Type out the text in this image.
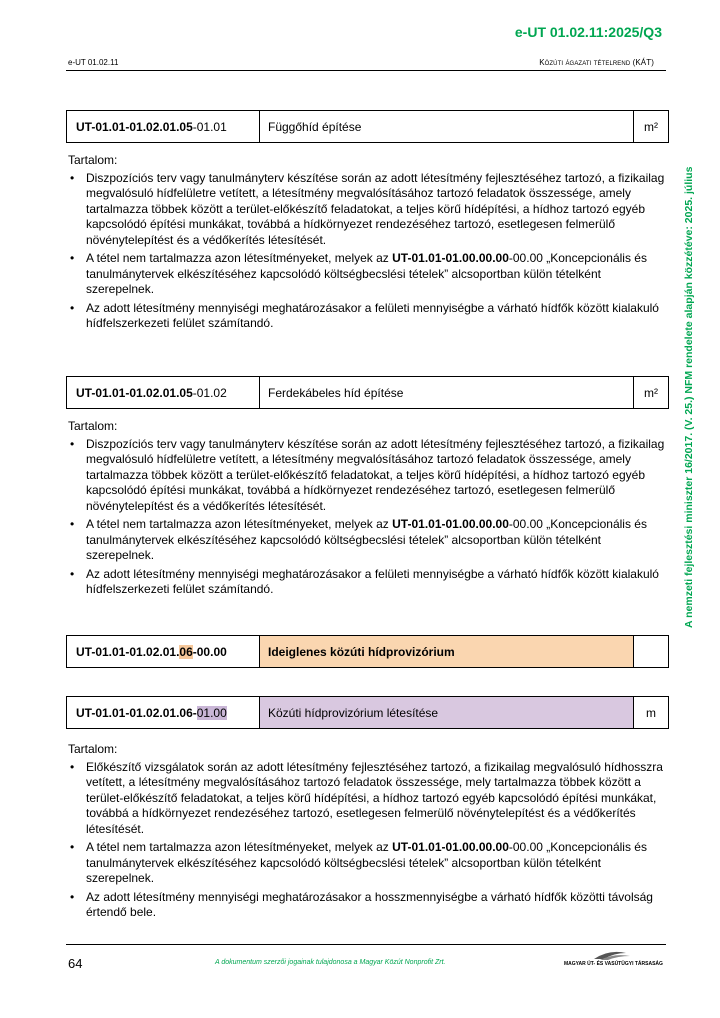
e-UT 01.02.11:2025/Q3
e-UT 01.02.11	Közúti ágazati tételrend (KÁT)
A nemzeti fejlesztési miniszter 16/2017. (V. 25.) NFM rendelete alapján közzétéve: 2025. július
UT-01.01-01.02.01.05 -01.01	Függőhíd építése	m²
Tartalom:
• Diszpozíciós terv vagy tanulmányterv készítése során az adott létesítmény fejlesztéséhez tartozó, a fizikailag megvalósuló hídfelületre vetített, a létesítmény megvalósításához tartozó feladatok összessége, amely tartalmazza többek között a terület-előkészítő feladatokat, a teljes körű hídépítési, a hídhoz tartozó egyéb kapcsolódó építési munkákat, továbbá a hídkörnyezet rendezéséhez tartozó, esetlegesen felmerülő növénytelepítést és a védőkerítés létesítését.
• A tétel nem tartalmazza azon létesítményeket, melyek az UT-01.01-01.00.00.00-00.00 „Koncepcionális és tanulmánytervek elkészítéséhez kapcsolódó költségbecslési tételek” alcsoportban külön tételként szerepelnek.
• Az adott létesítmény mennyiségi meghatározásakor a felületi mennyiségbe a várható hídfők között kialakuló hídfelszerkezeti felület számítandó.
UT-01.01-01.02.01.05 -01.02	Ferdekábeles híd építése	m²
Tartalom:
• Diszpozíciós terv vagy tanulmányterv készítése során az adott létesítmény fejlesztéséhez tartozó, a fizikailag megvalósuló hídfelületre vetített, a létesítmény megvalósításához tartozó feladatok összessége, amely tartalmazza többek között a terület-előkészítő feladatokat, a teljes körű hídépítési, a hídhoz tartozó egyéb kapcsolódó építési munkákat, továbbá a hídkörnyezet rendezéséhez tartozó, esetlegesen felmerülő növénytelepítést és a védőkerítés létesítését.
• A tétel nem tartalmazza azon létesítményeket, melyek az UT-01.01-01.00.00.00-00.00 „Koncepcionális és tanulmánytervek elkészítéséhez kapcsolódó költségbecslési tételek” alcsoportban külön tételként szerepelnek.
• Az adott létesítmény mennyiségi meghatározásakor a felületi mennyiségbe a várható hídfők között kialakuló hídfelszerkezeti felület számítandó.
UT-01.01-01.02.01.06-00.00	Ideiglenes közúti hídprovizórium
UT-01.01-01.02.01.06- 01.00	Közúti hídprovizórium létesítése	m
Tartalom:
• Előkészítő vizsgálatok során az adott létesítmény fejlesztéséhez tartozó, a fizikailag megvalósuló hídhosszra vetített, a létesítmény megvalósításához tartozó feladatok összessége, mely tartalmazza többek között a terület-előkészítő feladatokat, a teljes körű hídépítési, a hídhoz tartozó egyéb kapcsolódó építési munkákat, továbbá a hídkörnyezet rendezéséhez tartozó, esetlegesen felmerülő növénytelepítést és a védőkerítés létesítését.
• A tétel nem tartalmazza azon létesítményeket, melyek az UT-01.01-01.00.00.00-00.00 „Koncepcionális és tanulmánytervek elkészítéséhez kapcsolódó költségbecslési tételek” alcsoportban külön tételként szerepelnek.
• Az adott létesítmény mennyiségi meghatározásakor a hosszmennyiségbe a várható hídfők közötti távolság értendő bele.
64	A dokumentum szerzői jogainak tulajdonosa a Magyar Közút Nonprofit Zrt.	MAGYAR ÚT- ÉS VASÚTÜGYI TÁRSASÁG
